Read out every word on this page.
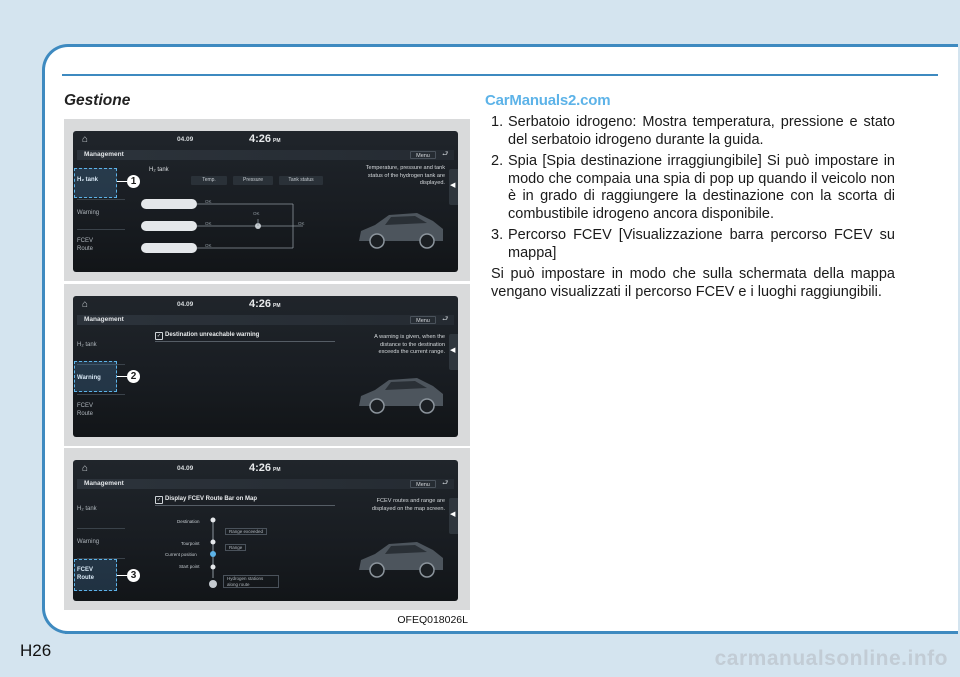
Gestione	CarManuals2.com
⌂	04.09	4:26 PM
Management	Menu	⮐
H₂ tank
Warning
FCEV
Route
1
H₂ tank
Temp.	Pressure	Tank status
OK
OK
OK
OK
OK
Temperature, pressure and tank
status of the hydrogen tank are
displayed. ◀
⌂	04.09	4:26 PM
Management	Menu	⮐
H₂ tank
Warning
FCEV
Route
2
✓ Destination unreachable warning	A warning is given, when the
distance to the destination
exceeds the current range. ◀
⌂	04.09	4:26 PM
Management	Menu	⮐
H₂ tank
Warning
FCEV
Route	3
✓ Display FCEV Route Bar on Map
Destination
Tourpoint
Current position
Start point
Range exceeded
Range
Hydrogen stations along route
FCEV routes and range are
displayed on the map screen.
◀
OFEQ018026L
1. Serbatoio idrogeno: Mostra temperatura, pressione e stato del serbatoio idrogeno durante la guida.
2. Spia [Spia destinazione irraggiungibile] Si può impostare in modo che compaia una spia di pop up quando il veicolo non è in grado di raggiungere la destinazione con la scorta di combustibile idrogeno ancora disponibile.
3. Percorso FCEV [Visualizzazione barra percorso FCEV su mappa]
Si può impostare in modo che sulla schermata della mappa vengano visualizzati il percorso FCEV e i luoghi raggiungibili.
H26	carmanualsonline.info
